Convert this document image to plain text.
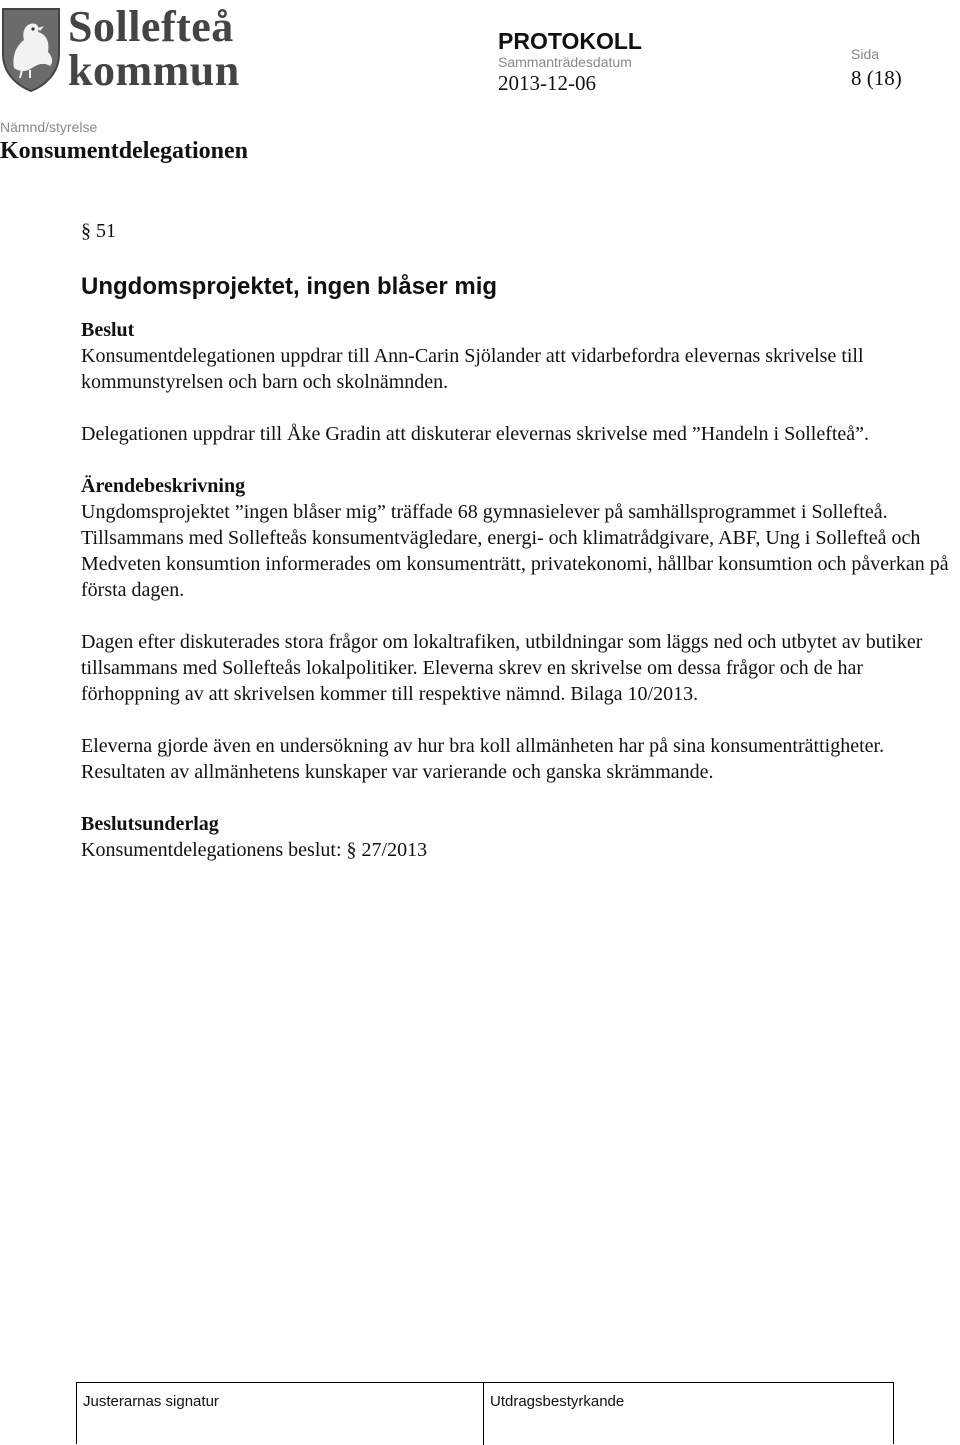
Sollefteå
kommun
PROTOKOLL
Sammanträdesdatum
2013-12-06
Sida
8 (18)
Nämnd/styrelse
Konsumentdelegationen
§ 51
Ungdomsprojektet, ingen blåser mig
Beslut

Konsumentdelegationen uppdrar till Ann-Carin Sjölander att vidarbefordra elevernas skrivelse till kommunstyrelsen och barn och skolnämnden.

Delegationen uppdrar till Åke Gradin att diskuterar elevernas skrivelse med ”Handeln i Sollefteå”.

Ärendebeskrivning

Ungdomsprojektet ”ingen blåser mig” träffade 68 gymnasielever på samhällsprogrammet i Sollefteå. Tillsammans med Sollefteås konsumentvägledare, energi- och klimatrådgivare, ABF, Ung i Sollefteå och Medveten konsumtion informerades om konsumenträtt, privatekonomi, hållbar konsumtion och påverkan på första dagen.

Dagen efter diskuterades stora frågor om lokaltrafiken, utbildningar som läggs ned och utbytet av butiker tillsammans med Sollefteås lokalpolitiker. Eleverna skrev en skrivelse om dessa frågor och de har förhoppning av att skrivelsen kommer till respektive nämnd. Bilaga 10/2013.

Eleverna gjorde även en undersökning av hur bra koll allmänheten har på sina konsumenträttigheter. Resultaten av allmänhetens kunskaper var varierande och ganska skrämmande.

Beslutsunderlag

Konsumentdelegationens beslut: § 27/2013

Justerarnas signatur	Utdragsbestyrkande
